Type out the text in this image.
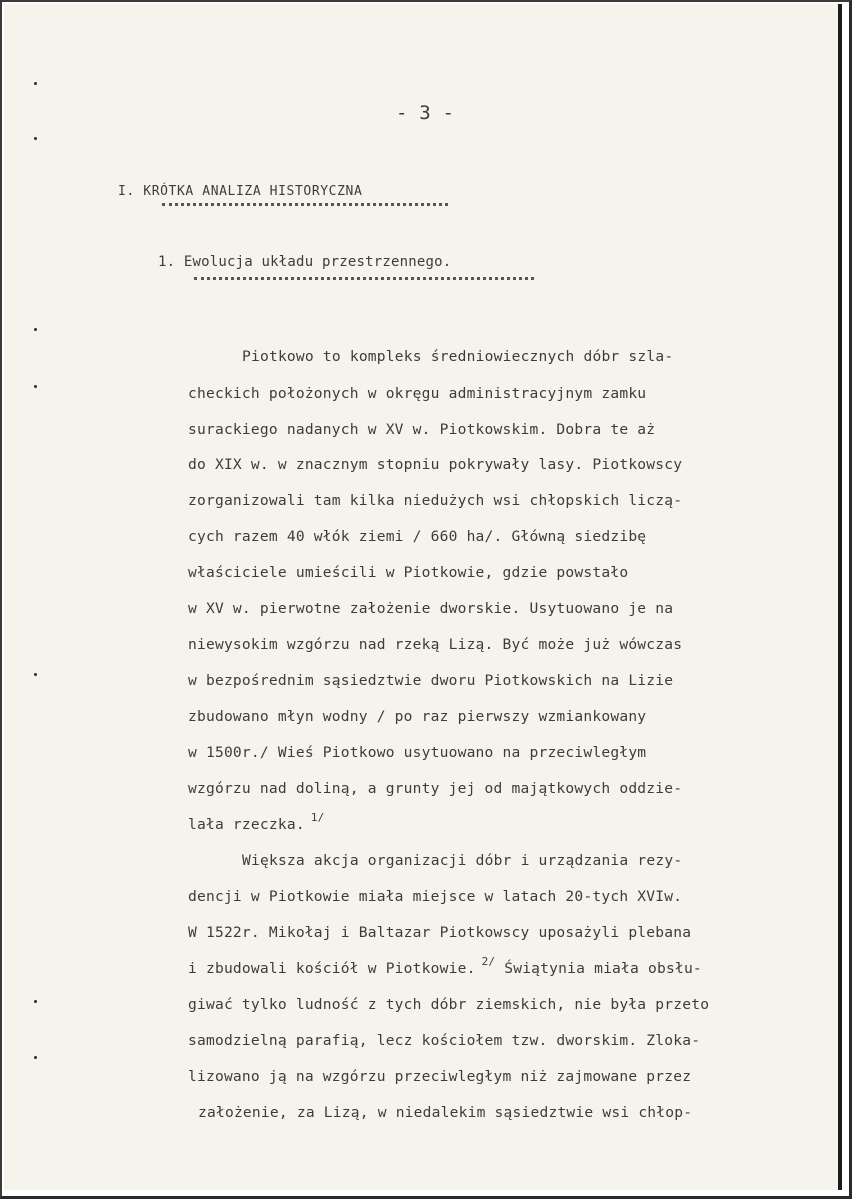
- 3 -
I. KRÓTKA ANALIZA HISTORYCZNA
1. Ewolucja układu przestrzennego.
Piotkowo to kompleks średniowiecznych dóbr szla-
checkich położonych w okręgu administracyjnym zamku
surackiego nadanych w XV w. Piotkowskim. Dobra te aż
do XIX w. w znacznym stopniu pokrywały lasy. Piotkowscy
zorganizowali tam kilka niedużych wsi chłopskich liczą-
cych razem 40 włók ziemi / 660 ha/. Główną siedzibę
właściciele umieścili w Piotkowie, gdzie powstało
w XV w. pierwotne założenie dworskie. Usytuowano je na
niewysokim wzgórzu nad rzeką Lizą. Być może już wówczas
w bezpośrednim sąsiedztwie dworu Piotkowskich na Lizie
zbudowano młyn wodny / po raz pierwszy wzmiankowany
w 1500r./ Wieś Piotkowo usytuowano na przeciwległym
wzgórzu nad doliną, a grunty jej od majątkowych oddzie-
lała rzeczka. $^{1/}$
Większa akcja organizacji dóbr i urządzania rezy-
dencji w Piotkowie miała miejsce w latach 20-tych XVIw.
W 1522r. Mikołaj i Baltazar Piotkowscy uposażyli plebana
i zbudowali kościół w Piotkowie. $^{2/}$ Świątynia miała obsłu-
giwać tylko ludność z tych dóbr ziemskich, nie była przeto
samodzielną parafią, lecz kościołem tzw. dworskim. Zloka-
lizowano ją na wzgórzu przeciwległym niż zajmowane przez
założenie, za Lizą, w niedalekim sąsiedztwie wsi chłop-
